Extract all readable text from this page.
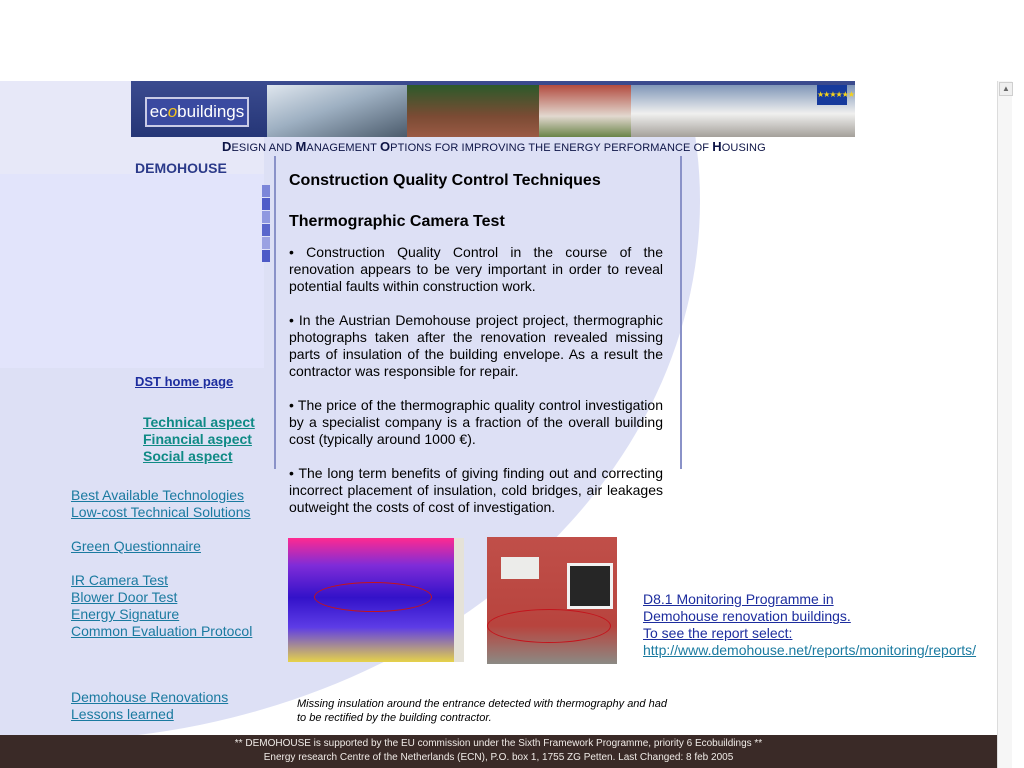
ecobuildings
★★★★★★
DESIGN AND MANAGEMENT OPTIONS FOR IMPROVING THE ENERGY PERFORMANCE OF HOUSING
DEMOHOUSE
DST home page
Technical aspect
Financial aspect
Social aspect
Best Available Technologies
Low-cost Technical Solutions
Green Questionnaire
IR Camera Test
Blower Door Test
Energy Signature
Common Evaluation Protocol
Demohouse Renovations
Lessons learned
Construction Quality Control Techniques
Thermographic Camera Test

• Construction Quality Control in the course of the renovation appears to be very important in order to reveal potential faults within construction work.

• In the Austrian Demohouse project project, thermographic photographs taken after the renovation revealed missing parts of insulation of the building envelope. As a result the contractor was responsible for repair.

• The price of the thermographic quality control investigation by a specialist company is a fraction of the overall building cost (typically around 1000 €).

• The long term benefits of giving finding out and correcting incorrect placement of insulation, cold bridges, air leakages outweight the costs of cost of investigation.

Missing insulation around the entrance detected with thermography and had to be rectified by the building contractor.
D8.1 Monitoring Programme in
Demohouse renovation buildings.
To see the report select:
http://www.demohouse.net/reports/monitoring/reports/
** DEMOHOUSE is supported by the EU commission under the Sixth Framework Programme, priority 6 Ecobuildings **
Energy research Centre of the Netherlands (ECN), P.O. box 1, 1755 ZG Petten. Last Changed: 8 feb 2005
▲
